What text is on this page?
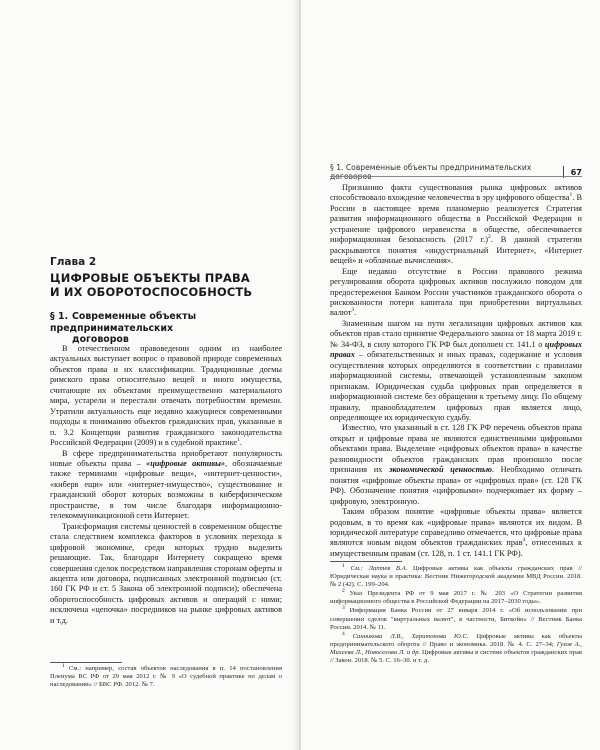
Глава 2
ЦИФРОВЫЕ ОБЪЕКТЫ ПРАВА
И ИХ ОБОРОТОСПОСОБНОСТЬ
§ 1. Современные объекты предпринимательских
договоров

В отечественном правоведении одним из наиболее актуальных выступает вопрос о правовой природе современных объектов права и их классификации. Традиционные догмы римского права относительно вещей и иного имущества, считающие их объектами преимущественно материального мира, устарели и перестали отвечать потребностям времени. Утратили актуальность еще недавно кажущиеся современными подходы к пониманию объектов гражданских прав, указанные в п. 3.2 Концепции развития гражданского законодательства Российской Федерации (2009) и в судебной практике$^1$.

В сфере предпринимательства приобретают популярность новые объекты права – «цифровые активы», обозначаемые также терминами «цифровые вещи», «интернет-ценности», «киберв ещи» или «интернет-имущество», существование и гражданский оборот которых возможны в киберфизическом пространстве, в том числе благодаря информационно-телекоммуникационной сети Интернет.

Трансформация системы ценностей в современном обществе стала следствием комплекса факторов в условиях перехода к цифровой экономике, среди которых трудно выделить решающие. Так, благодаря Интернету сокращено время совершения сделок посредством направления сторонам оферты и акцепта или договора, подписанных электронной подписью (ст. 160 ГК РФ и ст. 5 Закона об электронной подписи); обеспечена оборотоспособность цифровых активов и операций с ними; исключена «цепочка» посредников на рынке цифровых активов и т.д.

$^1$ См.: например, состав объектов наследования в п. 14 постановления Пленума ВС РФ от 29 мая 2012 г. № 9 «О судебной практике по делам о наследовании» // БВС РФ. 2012. № 7.

§ 1. Современные объекты предпринимательских договоров	67

Признанию факта существования рынка цифровых активов способствовало вхождение человечества в эру цифрового общества$^1$. В России в настоящее время планомерно реализуется Стратегия развития информационного общества в Российской Федерации и устранение цифрового неравенства в обществе, обеспечивается информационная безопасность (2017 г.)$^2$. В данной стратегии раскрываются понятия «индустриальный Интернет», «Интернет вещей» и «облачные вычисления».

Еще недавно отсутствие в России правового режима регулирования оборота цифровых активов послужило поводом для предостережения Банком России участников гражданского оборота о рискованности потери капитала при приобретении виртуальных валют$^3$.

Знаменным шагом на пути легализации цифровых активов как объектов прав стало принятие Федерального закона от 18 марта 2019 г. № 34-ФЗ, в силу которого ГК РФ был дополнен ст. 141.1 о цифровых правах – обязательственных и иных правах, содержание и условия осуществления которых определяются в соответствии с правилами информационной системы, отвечающей установленным законом признакам. Юридическая судьба цифровых прав определяется в информационной системе без обращения к третьему лицу. По общему правилу, правообладателем цифровых прав является лицо, определяющее их юридическую судьбу.

Известно, что указанный в ст. 128 ГК РФ перечень объектов права открыт и цифровые права не являются единственными цифровыми объектами права. Выделение «цифровых объектов права» в качестве разновидности объектов гражданских прав произошло после признания их экономической ценностью. Необходимо отличать понятия «цифровые объекты права» от «цифровых прав» (ст. 128 ГК РФ). Обозначение понятия «цифровыми» подчеркивает их форму – цифровую, электронную.

Таким образом понятие «цифровые объекты права» является родовым, в то время как «цифровые права» являются их видом. В юридической литературе справедливо отмечается, что цифровые права являются новым видом объектов гражданских прав$^4$, отнесенных к имущественным правам (ст. 128, п. 1 ст. 141.1 ГК РФ).

$^1$ См.: Лаптев В.А. Цифровые активы как объекты гражданских прав // Юридическая наука и практика: Вестник Нижегородской академии МВД России. 2018. № 2 (42). С. 199–204.

$^2$ Указ Президента РФ от 9 мая 2017 г. № 203 «О Стратегии развития информационного общества в Российской Федерации на 2017–2030 годы».

$^3$ Информация Банка России от 27 января 2014 г. «Об использовании при совершении сделок "виртуальных валют", в частности, Биткойн» // Вестник Банка России. 2014. № 11.

$^4$ Санникова Л.В., Харитонова Ю.С. Цифровые активы как объекты предпринимательского оборота // Право и экономика. 2018. № 4. С. 27–34; Гузов А., Михеева Л., Новоселова Л. и др. Цифровые активы в системе объектов гражданских прав // Закон. 2018. № 5. С. 16–30. и т. д.
